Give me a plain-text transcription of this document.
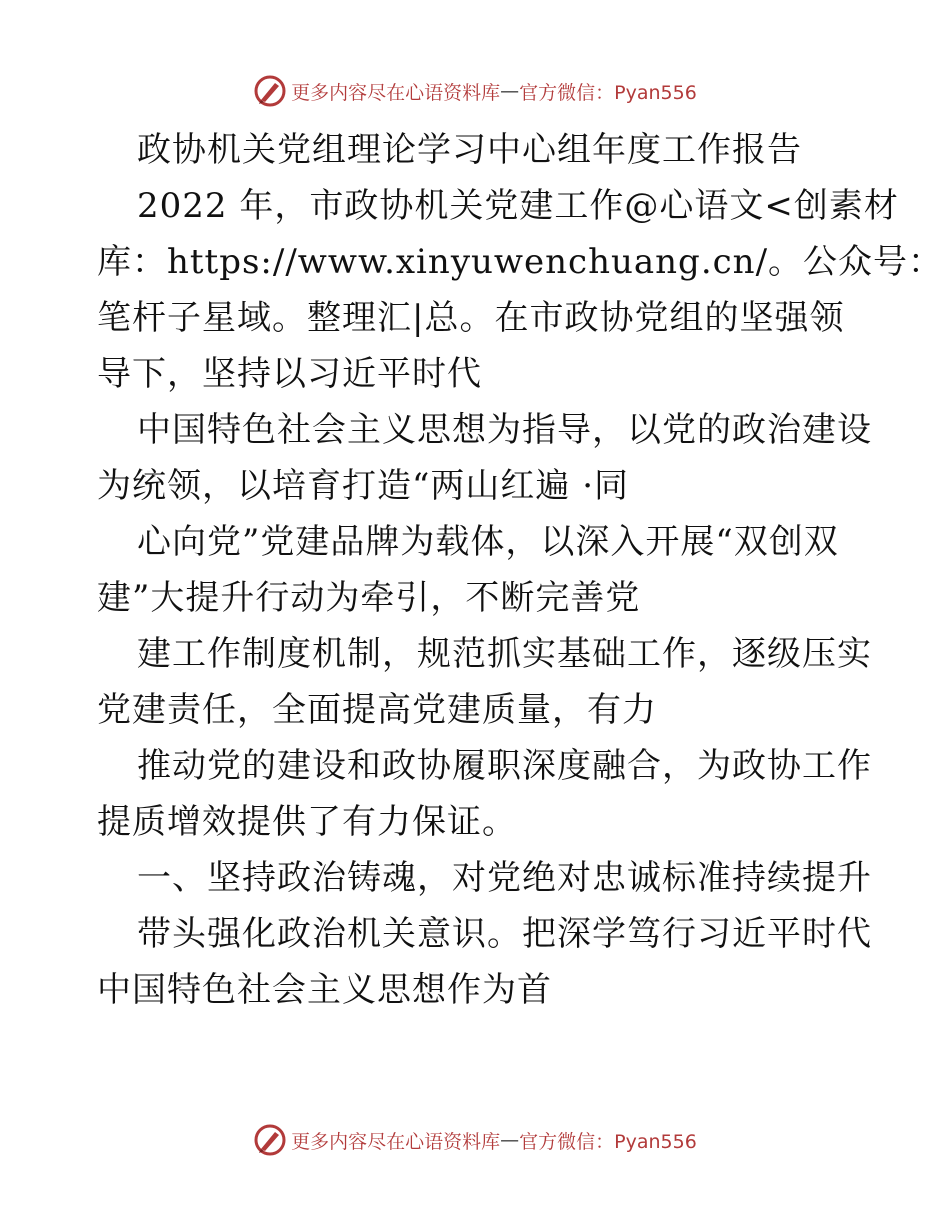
更多内容尽在心语资料库 — 官方微信：Pyan556
政协机关党组理论学习中心组年度工作报告
2022 年，市政协机关党建工作@心语文<创素材
库：https://www.xinyuwenchuang.cn/。公众号：
笔杆子星域。整理汇|总。在市政协党组的坚强领
导下，坚持以习近平时代
中国特色社会主义思想为指导，以党的政治建设
为统领，以培育打造“两山红遍 ·同
心向党”党建品牌为载体，以深入开展“双创双
建”大提升行动为牵引，不断完善党
建工作制度机制，规范抓实基础工作，逐级压实
党建责任，全面提高党建质量，有力
推动党的建设和政协履职深度融合，为政协工作
提质增效提供了有力保证。
一、坚持政治铸魂，对党绝对忠诚标准持续提升
带头强化政治机关意识。把深学笃行习近平时代
中国特色社会主义思想作为首
更多内容尽在心语资料库 — 官方微信：Pyan556
